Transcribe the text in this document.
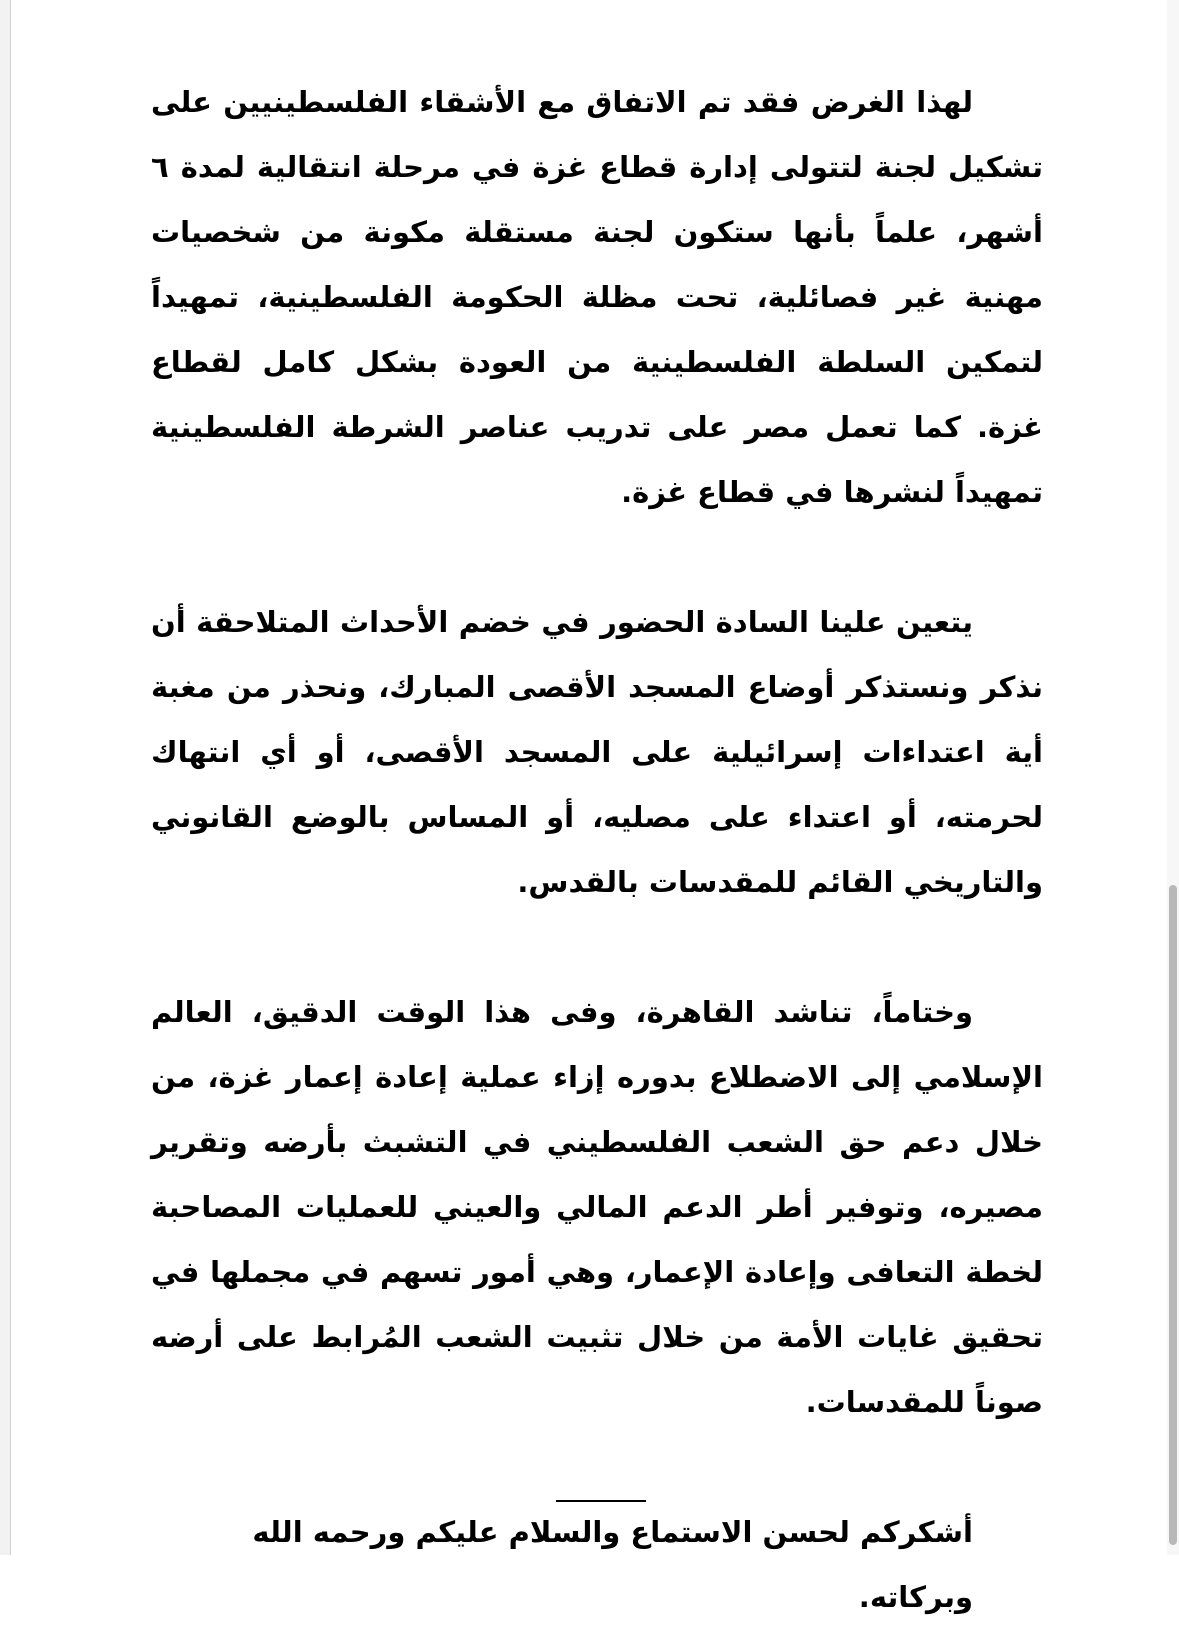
لهذا الغرض فقد تم الاتفاق مع الأشقاء الفلسطينيين على تشكيل لجنة لتتولى إدارة قطاع غزة في مرحلة انتقالية لمدة ٦ أشهر، علماً بأنها ستكون لجنة مستقلة مكونة من شخصيات مهنية غير فصائلية، تحت مظلة الحكومة الفلسطينية، تمهيداً لتمكين السلطة الفلسطينية من العودة بشكل كامل لقطاع غزة. كما تعمل مصر على تدريب عناصر الشرطة الفلسطينية تمهيداً لنشرها في قطاع غزة.

يتعين علينا السادة الحضور في خضم الأحداث المتلاحقة أن نذكر ونستذكر أوضاع المسجد الأقصى المبارك، ونحذر من مغبة أية اعتداءات إسرائيلية على المسجد الأقصى، أو أي انتهاك لحرمته، أو اعتداء على مصليه، أو المساس بالوضع القانوني والتاريخي القائم للمقدسات بالقدس.

وختاماً، تناشد القاهرة، وفى هذا الوقت الدقيق، العالم الإسلامي إلى الاضطلاع بدوره إزاء عملية إعادة إعمار غزة، من خلال دعم حق الشعب الفلسطيني في التشبث بأرضه وتقرير مصيره، وتوفير أطر الدعم المالي والعيني للعمليات المصاحبة لخطة التعافى وإعادة الإعمار، وهي أمور تسهم في مجملها في تحقيق غايات الأمة من خلال تثبيت الشعب المُرابط على أرضه صوناً للمقدسات.

أشكركم لحسن الاستماع والسلام عليكم ورحمه الله وبركاته.
